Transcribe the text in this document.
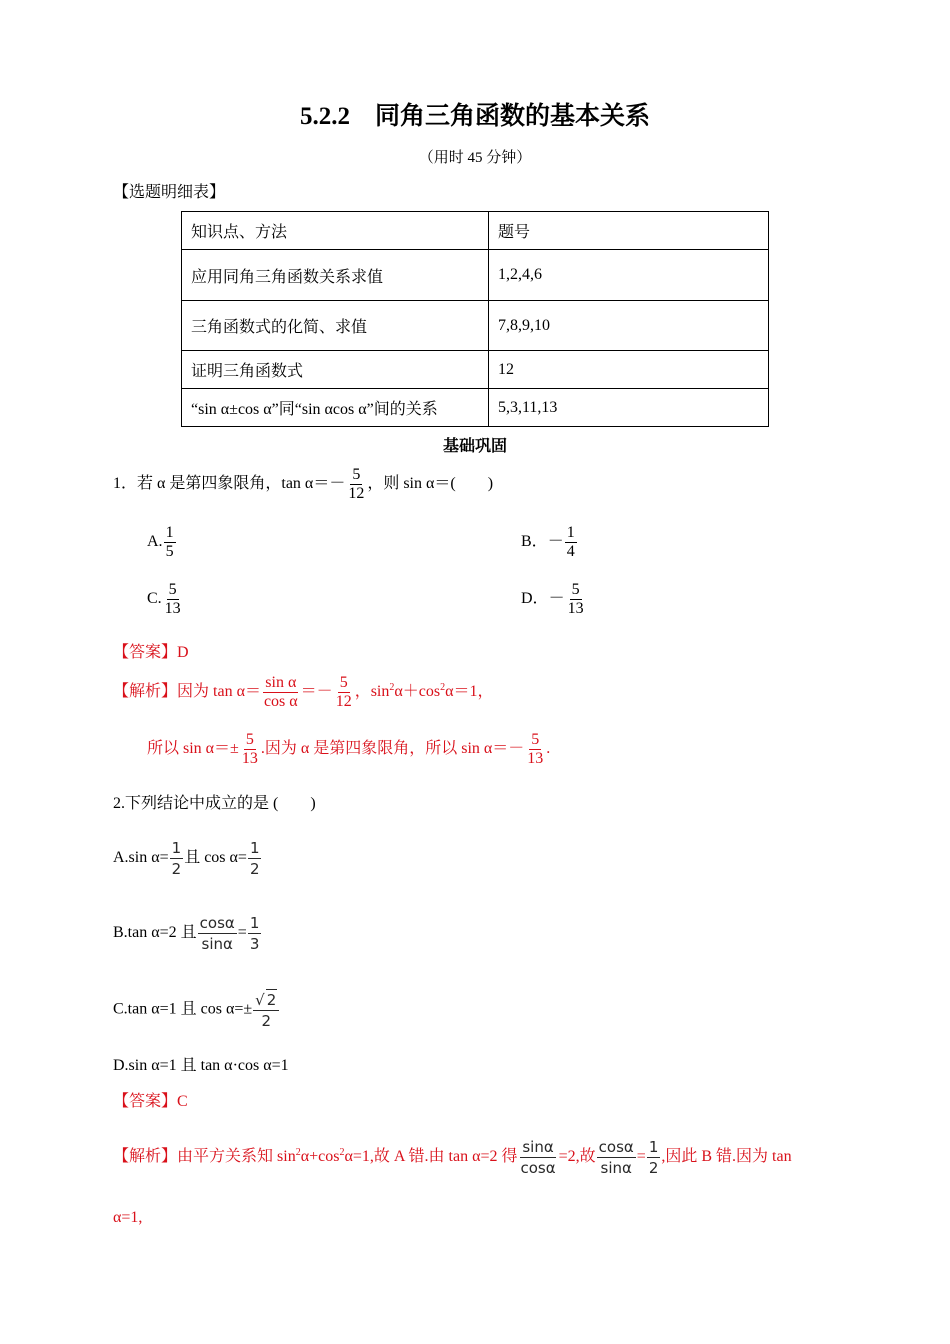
5.2.2　同角三角函数的基本关系
（用时 45 分钟）
【选题明细表】
知识点、方法	题号
应用同角三角函数关系求值	1,2,4,6
三角函数式的化简、求值	7,8,9,10
证明三角函数式	12
“sin α±cos α”同“sin αcos α”间的关系	5,3,11,13
基础巩固
1．若 α 是第四象限角，$\tan \alpha=- \frac{5}{12}$ ，则 sin α＝(　　)
A. $\frac{1}{5}$	B．－ $\frac{1}{4}$
C. $\frac{5}{13}$	D．－ $\frac{5}{13}$
【答案】D
【解析】因为 $\tan \alpha= \frac{\text{sin α}}{\text{cos α}} =- \frac{5}{12}$ ，$\sin^2\alpha+\cos^2\alpha=1$，
所以 $\sin \alpha=\pm \frac{5}{13}$ .因为 α 是第四象限角，所以 $\sin \alpha=- \frac{5}{13}$ .
2.下列结论中成立的是 (　　)
A.sin $\alpha= \frac{1}{2}$ 且 $\cos \alpha= \frac{1}{2}$
B.tan α=2 且 $\frac{\cos\alpha}{\sin\alpha} = \frac{1}{3}$
C.tan α=1 且 $\cos \alpha=\pm \frac{√ 2}{2}$
D.sin α=1 且 tan α·cos α=1
【答案】C
【解析】由平方关系知 $\sin^2\alpha+\cos^2\alpha=1$,故 A 错.由 tan α=2 得 $\frac{\sin\alpha}{\cos\alpha} =2$,故 $\frac{\cos\alpha}{\sin\alpha} = \frac{1}{2}$ ,因此 B 错.因为 tan
α=1,
